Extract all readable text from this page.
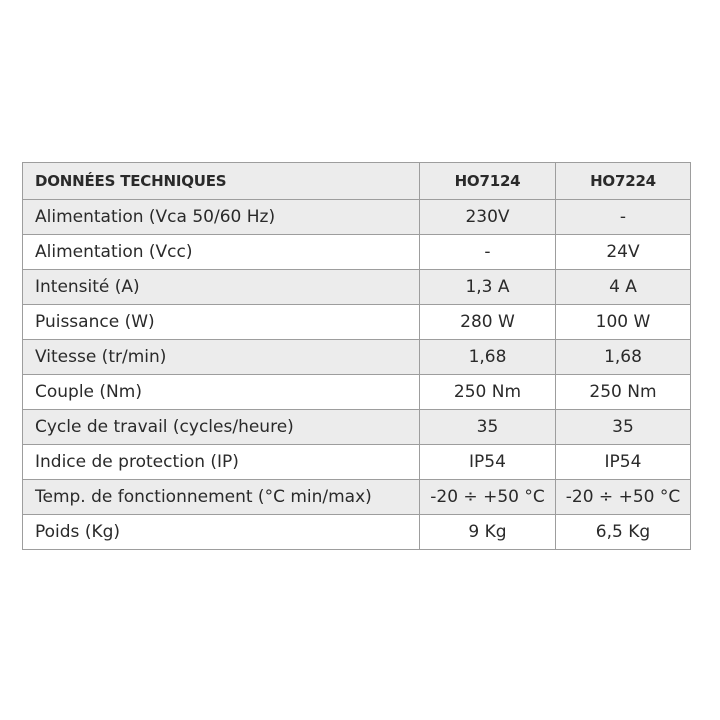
DONNÉES TECHNIQUES	HO7124	HO7224
Alimentation (Vca 50/60 Hz)	230V	-
Alimentation (Vcc)	-	24V
Intensité (A)	1,3 A	4 A
Puissance (W)	280 W	100 W
Vitesse (tr/min)	1,68	1,68
Couple (Nm)	250 Nm	250 Nm
Cycle de travail (cycles/heure)	35	35
Indice de protection (IP)	IP54	IP54
Temp. de fonctionnement (°C min/max)	-20 ÷ +50 °C	-20 ÷ +50 °C
Poids (Kg)	9 Kg	6,5 Kg
